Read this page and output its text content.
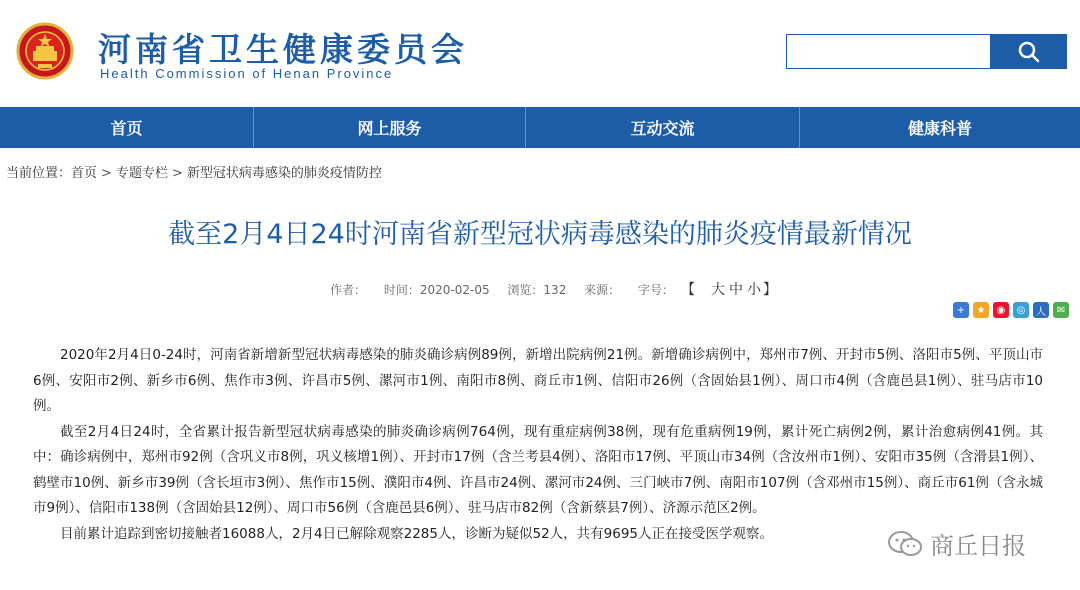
河南省卫生健康委员会
Health Commission of Henan Province
首页	网上服务	互动交流	健康科普
当前位置：首页 > 专题专栏 > 新型冠状病毒感染的肺炎疫情防控
截至2月4日24时河南省新型冠状病毒感染的肺炎疫情最新情况
作者： 时间：2020-02-05 浏览：132 来源： 字号： 【 大 中 小 】
+	★	◉	◎	人	✉

2020年2月4日0-24时，河南省新增新型冠状病毒感染的肺炎确诊病例89例，新增出院病例21例。新增确诊病例中，郑州市7例、开封市5例、洛阳市5例、平顶山市6例、安阳市2例、新乡市6例、焦作市3例、许昌市5例、漯河市1例、南阳市8例、商丘市1例、信阳市26例（含固始县1例）、周口市4例（含鹿邑县1例）、驻马店市10例。

截至2月4日24时，全省累计报告新型冠状病毒感染的肺炎确诊病例764例，现有重症病例38例，现有危重病例19例，累计死亡病例2例，累计治愈病例41例。其中：确诊病例中，郑州市92例（含巩义市8例，巩义核增1例）、开封市17例（含兰考县4例）、洛阳市17例、平顶山市34例（含汝州市1例）、安阳市35例（含滑县1例）、鹤壁市10例、新乡市39例（含长垣市3例）、焦作市15例、濮阳市4例、许昌市24例、漯河市24例、三门峡市7例、南阳市107例（含邓州市15例）、商丘市61例（含永城市9例）、信阳市138例（含固始县12例）、周口市56例（含鹿邑县6例）、驻马店市82例（含新蔡县7例）、济源示范区2例。

目前累计追踪到密切接触者16088人，2月4日已解除观察2285人，诊断为疑似52人，共有9695人正在接受医学观察。	商丘日报
